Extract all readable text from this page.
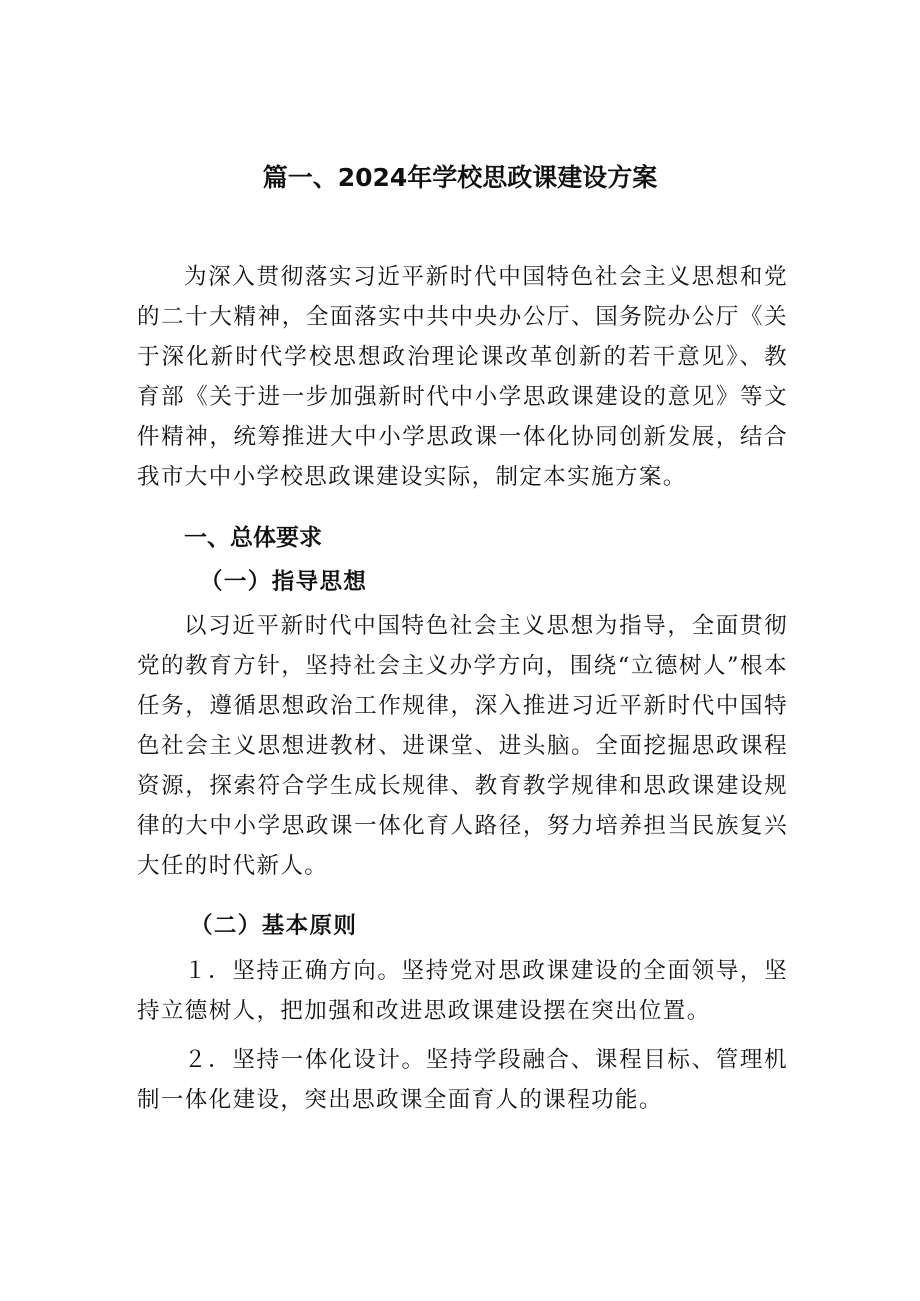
篇一、2024年学校思政课建设方案

为深入贯彻落实习近平新时代中国特色社会主义思想和党的二十大精神，全面落实中共中央办公厅、国务院办公厅《关于深化新时代学校思想政治理论课改革创新的若干意见》、教育部《关于进一步加强新时代中小学思政课建设的意见》等文件精神，统筹推进大中小学思政课一体化协同创新发展，结合我市大中小学校思政课建设实际，制定本实施方案。

一、总体要求
（一）指导思想

以习近平新时代中国特色社会主义思想为指导，全面贯彻党的教育方针，坚持社会主义办学方向，围绕“立德树人”根本任务，遵循思想政治工作规律，深入推进习近平新时代中国特色社会主义思想进教材、进课堂、进头脑。全面挖掘思政课程资源，探索符合学生成长规律、教育教学规律和思政课建设规律的大中小学思政课一体化育人路径，努力培养担当民族复兴大任的时代新人。

（二）基本原则

１．坚持正确方向。坚持党对思政课建设的全面领导，坚持立德树人，把加强和改进思政课建设摆在突出位置。

２．坚持一体化设计。坚持学段融合、课程目标、管理机制一体化建设，突出思政课全面育人的课程功能。
